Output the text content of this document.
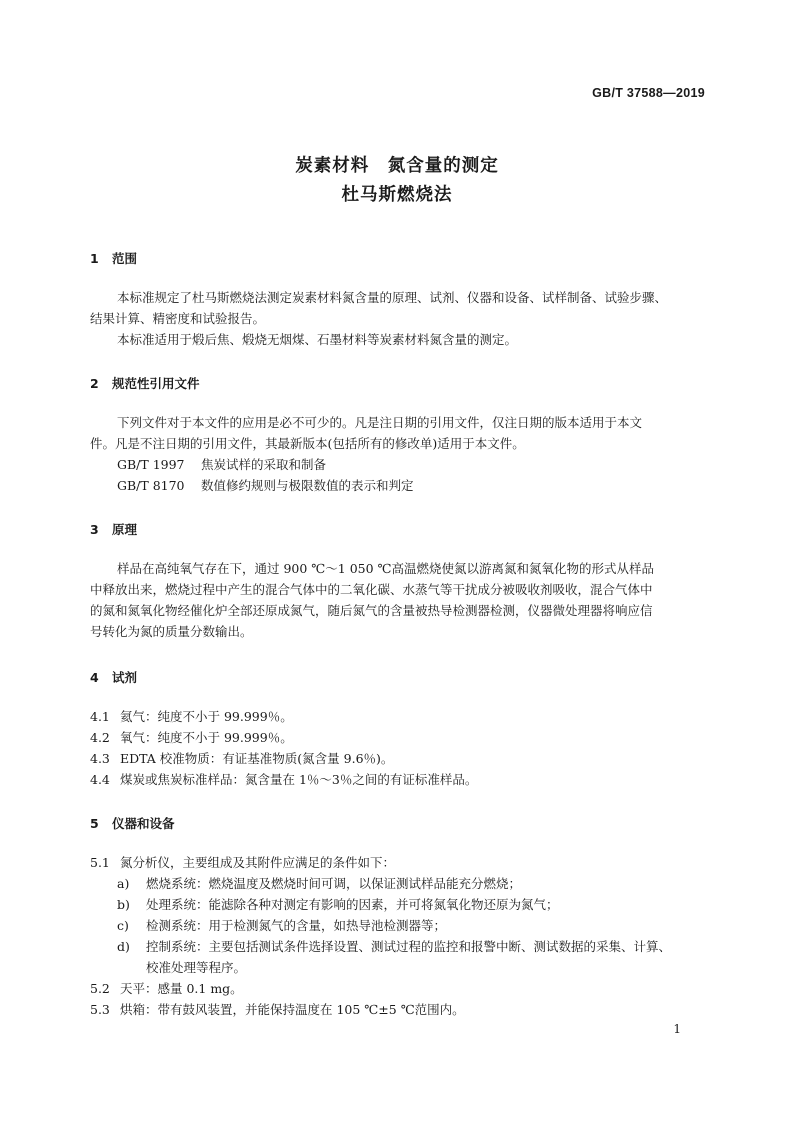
GB/T 37588—2019
炭素材料　氮含量的测定
杜马斯燃烧法
1 范围
本标准规定了杜马斯燃烧法测定炭素材料氮含量的原理、试剂、仪器和设备、试样制备、试验步骤、
结果计算、精密度和试验报告。
本标准适用于煅后焦、煅烧无烟煤、石墨材料等炭素材料氮含量的测定。
2 规范性引用文件
下列文件对于本文件的应用是必不可少的。凡是注日期的引用文件，仅注日期的版本适用于本文
件。凡是不注日期的引用文件，其最新版本(包括所有的修改单)适用于本文件。
GB/T 1997 焦炭试样的采取和制备
GB/T 8170 数值修约规则与极限数值的表示和判定
3 原理
样品在高纯氧气存在下，通过 900 ℃～1 050 ℃高温燃烧使氮以游离氮和氮氧化物的形式从样品
中释放出来，燃烧过程中产生的混合气体中的二氧化碳、水蒸气等干扰成分被吸收剂吸收，混合气体中
的氮和氮氧化物经催化炉全部还原成氮气，随后氮气的含量被热导检测器检测，仪器微处理器将响应信
号转化为氮的质量分数输出。
4 试剂
4.1 氦气：纯度不小于 99.999％。
4.2 氧气：纯度不小于 99.999％。
4.3 EDTA 校准物质：有证基准物质(氮含量 9.6％)。
4.4 煤炭或焦炭标准样品：氮含量在 1％～3％之间的有证标准样品。
5 仪器和设备
5.1 氮分析仪，主要组成及其附件应满足的条件如下：
a) 燃烧系统：燃烧温度及燃烧时间可调，以保证测试样品能充分燃烧；
b) 处理系统：能滤除各种对测定有影响的因素，并可将氮氧化物还原为氮气；
c) 检测系统：用于检测氮气的含量，如热导池检测器等；
d) 控制系统：主要包括测试条件选择设置、测试过程的监控和报警中断、测试数据的采集、计算、
校准处理等程序。
5.2 天平：感量 0.1 mg。
5.3 烘箱：带有鼓风装置，并能保持温度在 105 ℃±5 ℃范围内。
1
